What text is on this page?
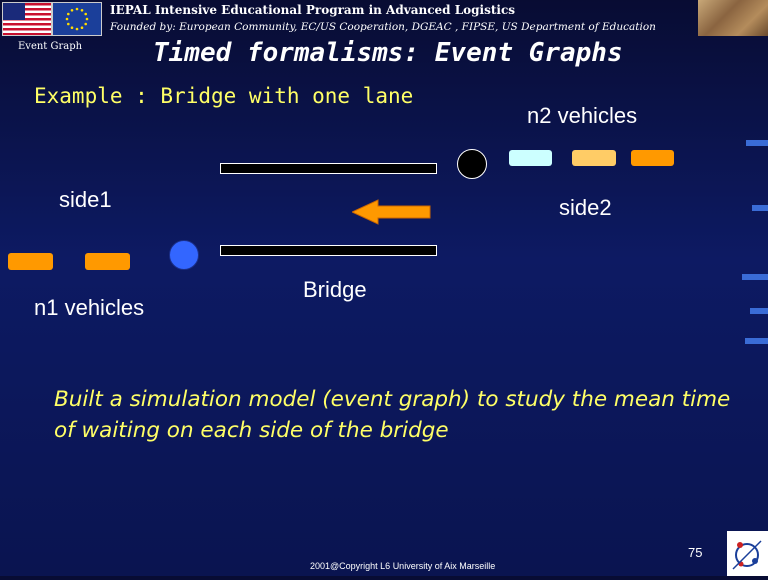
IEPAL Intensive Educational Program in Advanced Logistics
Founded by: European Community, EC/US Cooperation, DGEAC , FIPSE, US Department of Education
Event Graph	Timed formalisms: Event Graphs
Example : Bridge with one lane
n2 vehicles
side1	side2
Bridge
n1 vehicles
Built a simulation model (event graph) to study the mean time of waiting on each side of the bridge
75
2001@Copyright L6 University of Aix Marseille
